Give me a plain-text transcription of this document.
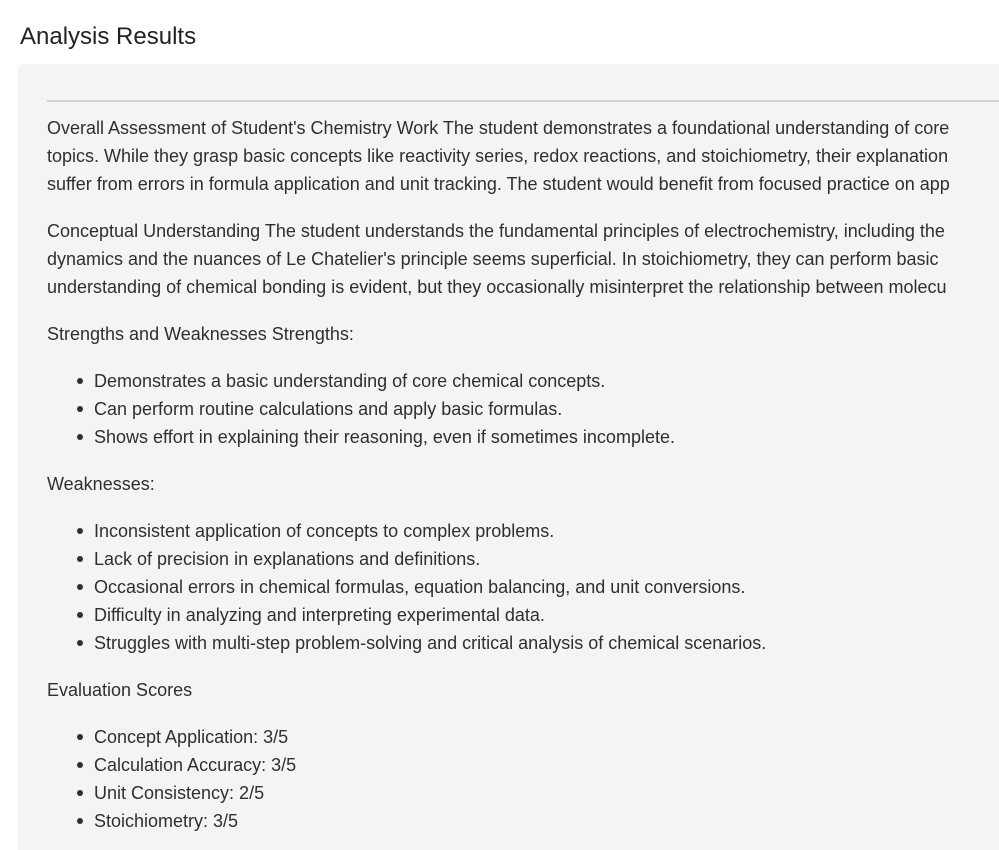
Analysis Results

Overall Assessment of Student's Chemistry Work The student demonstrates a foundational understanding of core
topics. While they grasp basic concepts like reactivity series, redox reactions, and stoichiometry, their explanation
suffer from errors in formula application and unit tracking. The student would benefit from focused practice on app

Conceptual Understanding The student understands the fundamental principles of electrochemistry, including the
dynamics and the nuances of Le Chatelier's principle seems superficial. In stoichiometry, they can perform basic
understanding of chemical bonding is evident, but they occasionally misinterpret the relationship between molecu

Strengths and Weaknesses Strengths:

Demonstrates a basic understanding of core chemical concepts.
Can perform routine calculations and apply basic formulas.
Shows effort in explaining their reasoning, even if sometimes incomplete.

Weaknesses:

Inconsistent application of concepts to complex problems.
Lack of precision in explanations and definitions.
Occasional errors in chemical formulas, equation balancing, and unit conversions.
Difficulty in analyzing and interpreting experimental data.
Struggles with multi-step problem-solving and critical analysis of chemical scenarios.

Evaluation Scores

Concept Application: 3/5
Calculation Accuracy: 3/5
Unit Consistency: 2/5
Stoichiometry: 3/5
